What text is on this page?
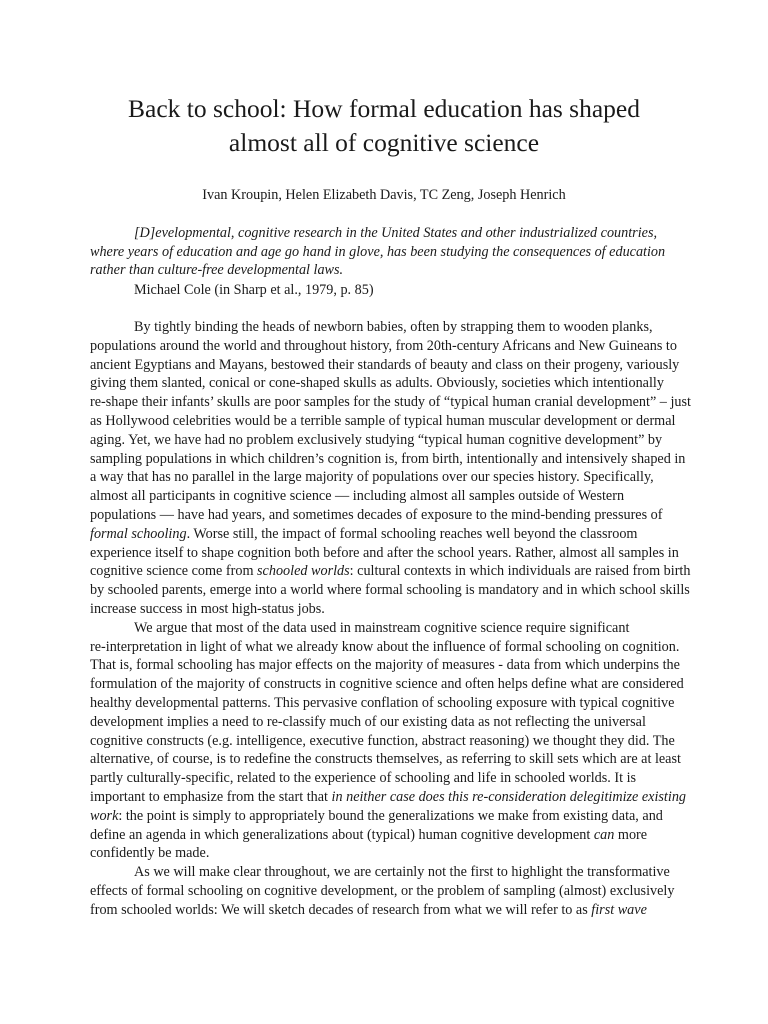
Back to school: How formal education has shaped
almost all of cognitive science
Ivan Kroupin, Helen Elizabeth Davis, TC Zeng, Joseph Henrich
[D]evelopmental, cognitive research in the United States and other industrialized countries,
where years of education and age go hand in glove, has been studying the consequences of education
rather than culture-free developmental laws.
Michael Cole (in Sharp et al., 1979, p. 85)

By tightly binding the heads of newborn babies, often by strapping them to wooden planks,
populations around the world and throughout history, from 20th-century Africans and New Guineans to
ancient Egyptians and Mayans, bestowed their standards of beauty and class on their progeny, variously
giving them slanted, conical or cone-shaped skulls as adults. Obviously, societies which intentionally
re-shape their infants’ skulls are poor samples for the study of “typical human cranial development” – just
as Hollywood celebrities would be a terrible sample of typical human muscular development or dermal
aging. Yet, we have had no problem exclusively studying “typical human cognitive development” by
sampling populations in which children’s cognition is, from birth, intentionally and intensively shaped in
a way that has no parallel in the large majority of populations over our species history. Specifically,
almost all participants in cognitive science — including almost all samples outside of Western
populations — have had years, and sometimes decades of exposure to the mind-bending pressures of
formal schooling. Worse still, the impact of formal schooling reaches well beyond the classroom
experience itself to shape cognition both before and after the school years. Rather, almost all samples in
cognitive science come from schooled worlds: cultural contexts in which individuals are raised from birth
by schooled parents, emerge into a world where formal schooling is mandatory and in which school skills
increase success in most high-status jobs.

We argue that most of the data used in mainstream cognitive science require significant
re-interpretation in light of what we already know about the influence of formal schooling on cognition.
That is, formal schooling has major effects on the majority of measures - data from which underpins the
formulation of the majority of constructs in cognitive science and often helps define what are considered
healthy developmental patterns. This pervasive conflation of schooling exposure with typical cognitive
development implies a need to re-classify much of our existing data as not reflecting the universal
cognitive constructs (e.g. intelligence, executive function, abstract reasoning) we thought they did. The
alternative, of course, is to redefine the constructs themselves, as referring to skill sets which are at least
partly culturally-specific, related to the experience of schooling and life in schooled worlds. It is
important to emphasize from the start that in neither case does this re-consideration delegitimize existing
work: the point is simply to appropriately bound the generalizations we make from existing data, and
define an agenda in which generalizations about (typical) human cognitive development can more
confidently be made.

As we will make clear throughout, we are certainly not the first to highlight the transformative
effects of formal schooling on cognitive development, or the problem of sampling (almost) exclusively
from schooled worlds: We will sketch decades of research from what we will refer to as first wave
